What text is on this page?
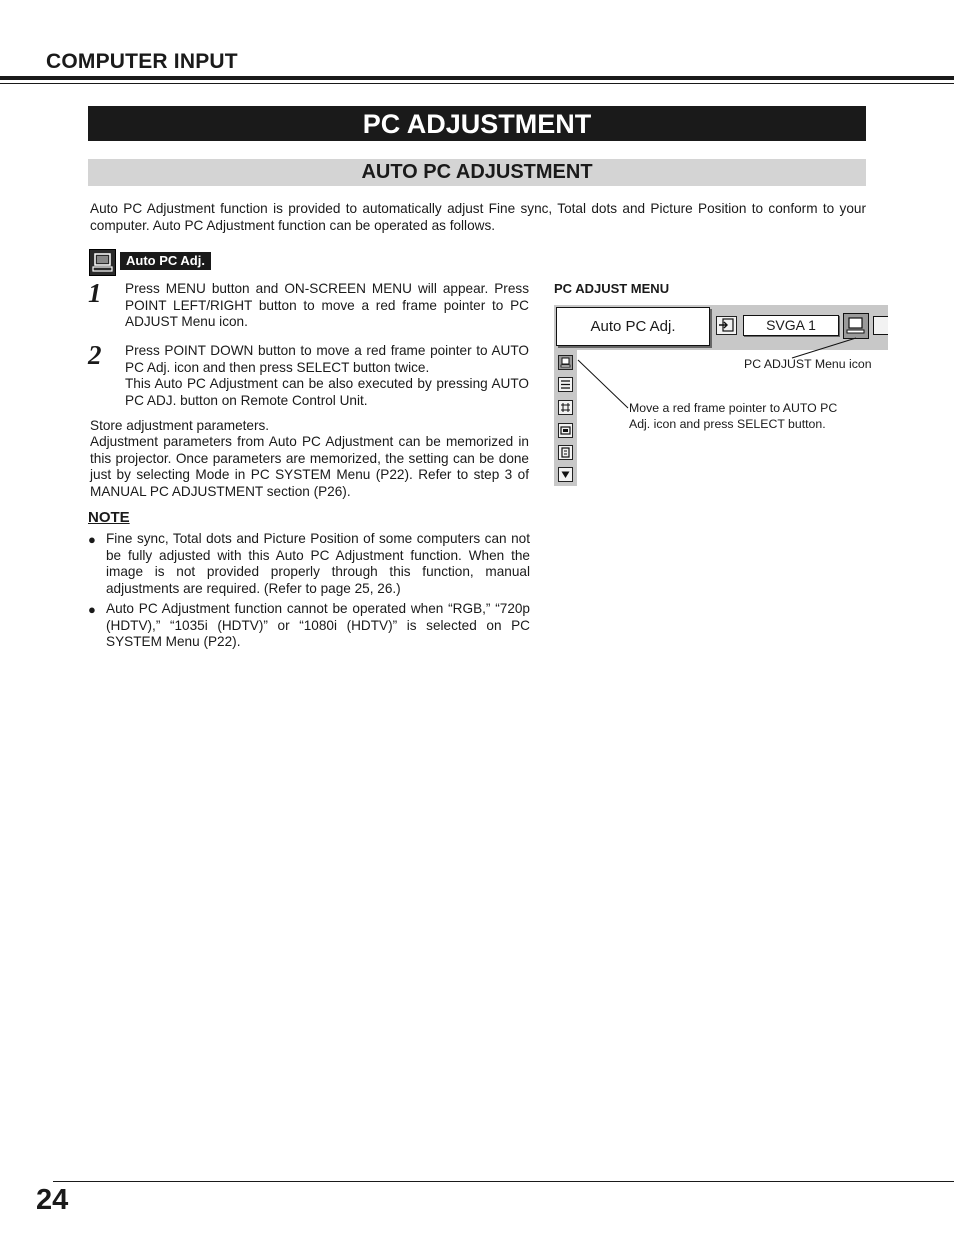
COMPUTER INPUT
PC ADJUSTMENT
AUTO PC ADJUSTMENT
Auto PC Adjustment function is provided to automatically adjust Fine sync, Total dots and Picture Position to conform to your computer. Auto PC Adjustment function can be operated as follows.
Auto PC Adj.
1 Press MENU button and ON-SCREEN MENU will appear. Press POINT LEFT/RIGHT button to move a red frame pointer to PC ADJUST Menu icon.
2 Press POINT DOWN button to move a red frame pointer to AUTO PC Adj. icon and then press SELECT button twice.
This Auto PC Adjustment can be also executed by pressing AUTO PC ADJ. button on Remote Control Unit.
Store adjustment parameters.
Adjustment parameters from Auto PC Adjustment can be memorized in this projector. Once parameters are memorized, the setting can be done just by selecting Mode in PC SYSTEM Menu (P22). Refer to step 3 of MANUAL PC ADJUSTMENT section (P26).
NOTE
● Fine sync, Total dots and Picture Position of some computers can not be fully adjusted with this Auto PC Adjustment function. When the image is not provided properly through this function, manual adjustments are required. (Refer to page 25, 26.)
● Auto PC Adjustment function cannot be operated when “RGB,” “720p (HDTV),” “1035i (HDTV)” or “1080i (HDTV)” is selected on PC SYSTEM Menu (P22).
PC ADJUST MENU
Auto PC Adj.	SVGA 1
PC ADJUST Menu icon
Move a red frame pointer to AUTO PC Adj. icon and press SELECT button.
24
